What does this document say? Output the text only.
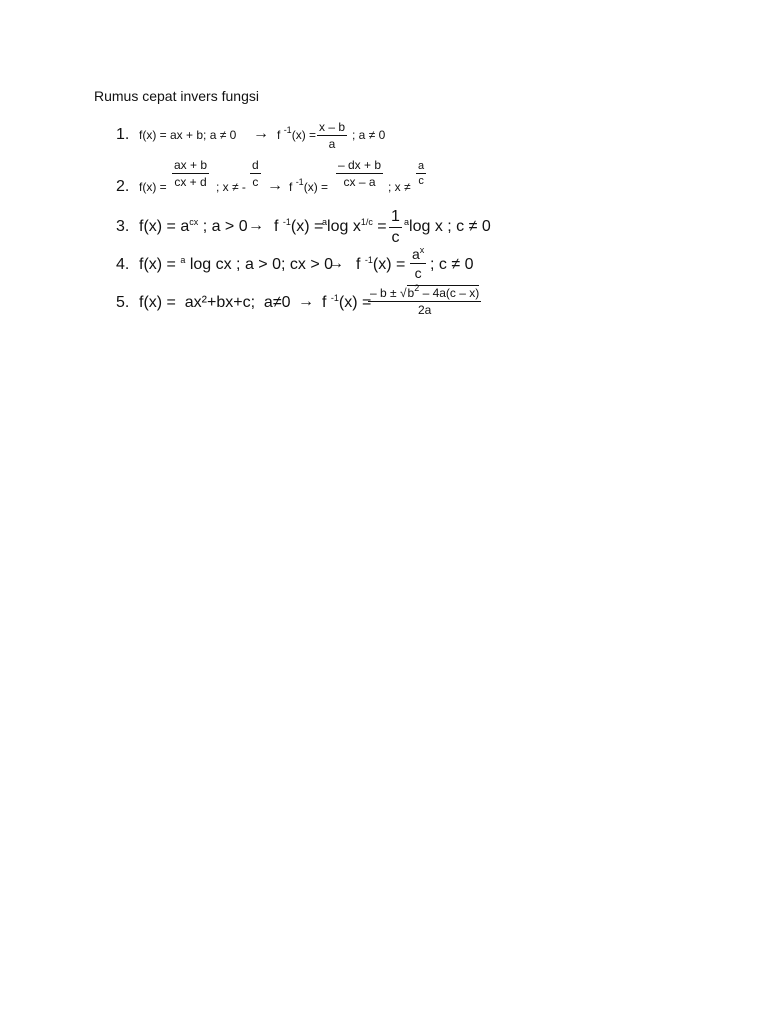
Rumus cepat invers fungsi
1. f(x) = ax + b; a ≠ 0 → f $^{-1}(x) = \frac{x - b}{a}$ ; a ≠ 0
2. $f(x) = \frac{ax + b}{cx + d}$ ; x ≠ - $\frac{d}{c} \to f$ $^{-1}(x) = \frac{- dx + b}{cx - a}$ ; $x \ne \frac{a}{c}$
3. $f(x) = a^{cx}$ ; a > 0 → f $^{-1}$(x) =
$^a$log $x^{1/c} = \frac{1}{c} ^a\log$ x ; c ≠ 0
4. f(x) = $^a$ log cx ; a > 0; cx > 0
→ f $^{-1}(x) = \frac{a^x}{c}$ ; c ≠ 0
5. f(x) =  ax²+bx+c;  a≠0 → f $^{-1}$(x) =
$\frac{- b \pm √b^2 - 4a(c - x)}{2a}$
